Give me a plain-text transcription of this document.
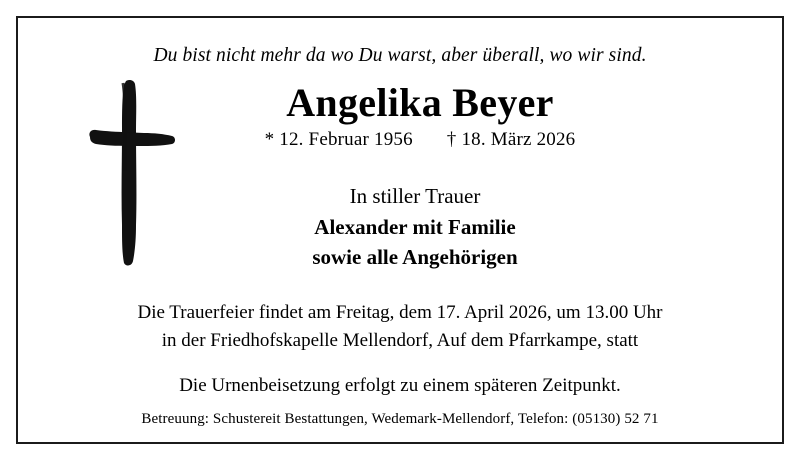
Du bist nicht mehr da wo Du warst, aber überall, wo wir sind.
Angelika Beyer
* 12. Februar 1956 † 18. März 2026
In stiller Trauer
Alexander mit Familie
sowie alle Angehörigen
Die Trauerfeier findet am Freitag, dem 17. April 2026, um 13.00 Uhr
in der Friedhofskapelle Mellendorf, Auf dem Pfarrkampe, statt
Die Urnenbeisetzung erfolgt zu einem späteren Zeitpunkt.
Betreuung: Schustereit Bestattungen, Wedemark-Mellendorf, Telefon: (05130) 52 71
